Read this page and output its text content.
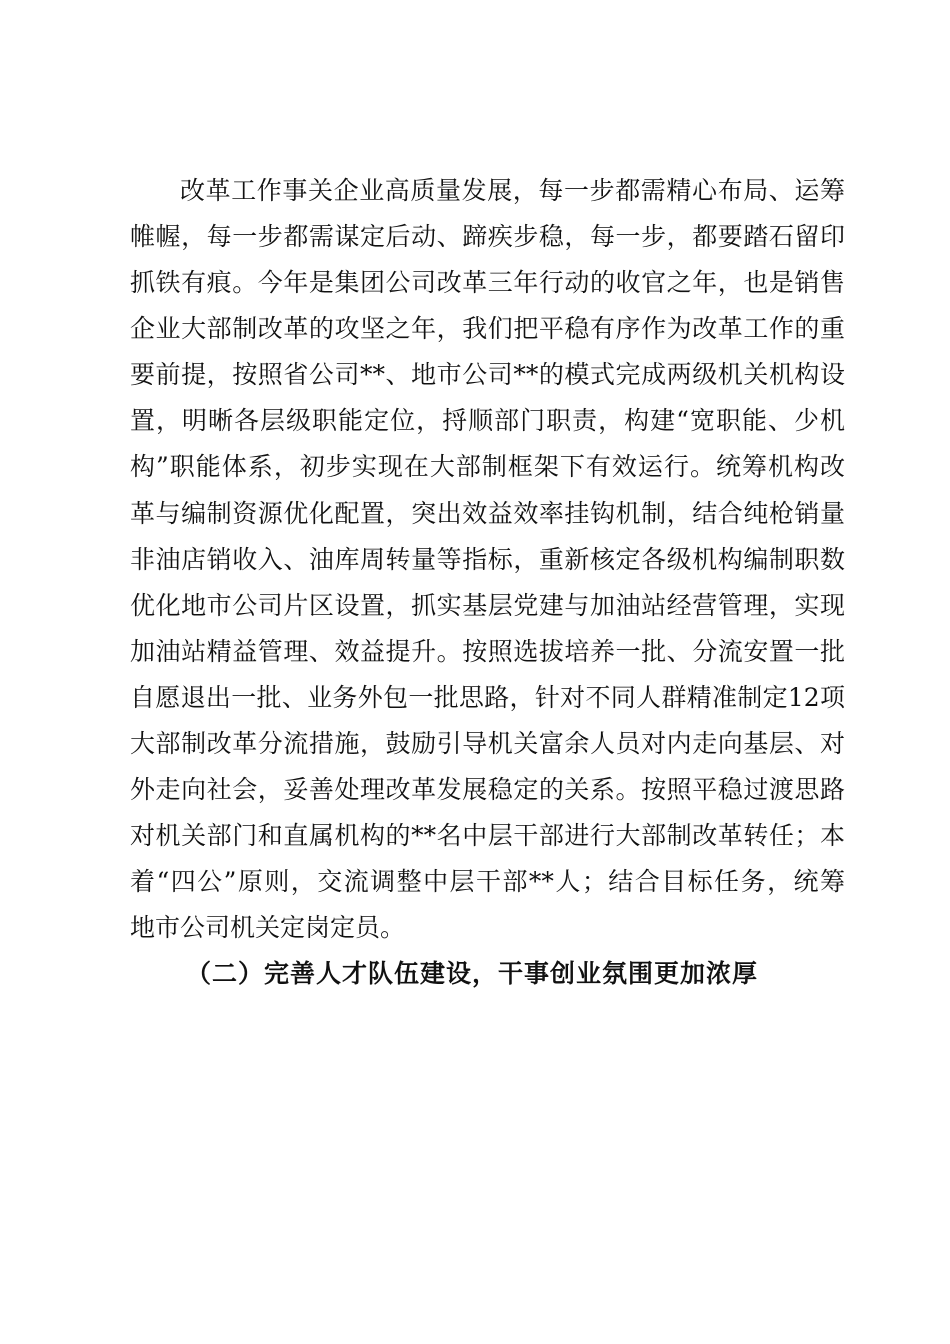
改革工作事关企业高质量发展，每一步都需精心布局、运筹
帷幄，每一步都需谋定后动、蹄疾步稳，每一步，都要踏石留印
抓铁有痕。今年是集团公司改革三年行动的收官之年，也是销售
企业大部制改革的攻坚之年，我们把平稳有序作为改革工作的重
要前提，按照省公司**、地市公司**的模式完成两级机关机构设
置，明晰各层级职能定位，捋顺部门职责，构建“宽职能、少机
构”职能体系，初步实现在大部制框架下有效运行。统筹机构改
革与编制资源优化配置，突出效益效率挂钩机制，结合纯枪销量
非油店销收入、油库周转量等指标，重新核定各级机构编制职数
优化地市公司片区设置，抓实基层党建与加油站经营管理，实现
加油站精益管理、效益提升。按照选拔培养一批、分流安置一批
自愿退出一批、业务外包一批思路，针对不同人群精准制定12项
大部制改革分流措施，鼓励引导机关富余人员对内走向基层、对
外走向社会，妥善处理改革发展稳定的关系。按照平稳过渡思路
对机关部门和直属机构的**名中层干部进行大部制改革转任；本
着“四公”原则，交流调整中层干部**人；结合目标任务，统筹
地市公司机关定岗定员。
（二）完善人才队伍建设，干事创业氛围更加浓厚
